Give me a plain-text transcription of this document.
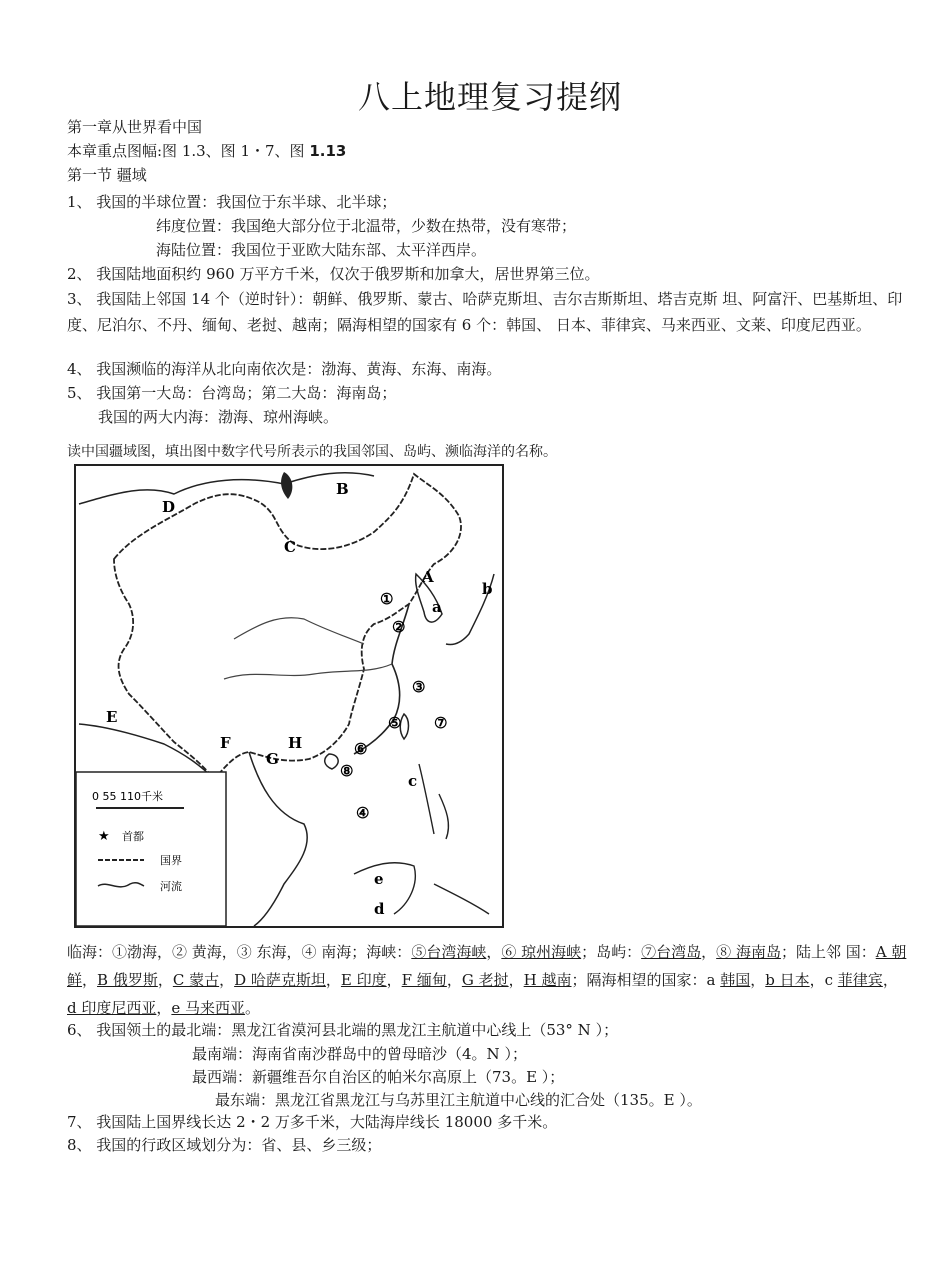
八上地理复习提纲
第一章从世界看中国
本章重点图幅:图 1.3、图 1・7、图 1.13
第一节 疆域
1、 我国的半球位置：我国位于东半球、北半球；
纬度位置：我国绝大部分位于北温带，少数在热带，没有寒带；
海陆位置：我国位于亚欧大陆东部、太平洋西岸。
2、 我国陆地面积约 960 万平方千米，仅次于俄罗斯和加拿大，居世界第三位。
3、 我国陆上邻国 14 个（逆时针）：朝鲜、俄罗斯、蒙古、哈萨克斯坦、吉尔吉斯斯坦、塔吉克斯 坦、阿富汗、巴基斯坦、印度、尼泊尔、不丹、缅甸、老挝、越南；隔海相望的国家有 6 个：韩国、 日本、菲律宾、马来西亚、文莱、印度尼西亚。
4、 我国濒临的海洋从北向南依次是：渤海、黄海、东海、南海。
5、 我国第一大岛：台湾岛；第二大岛：海南岛；
我国的两大内海：渤海、琼州海峡。
读中国疆域图，填出图中数字代号所表示的我国邻国、岛屿、濒临海洋的名称。
0 55 110千米
首都
国界
河流
★
A
B
C
D
E
F
G
H
a
b
c
d
e
①
②
③
④
⑤
⑥
⑦
⑧
临海：①渤海，② 黄海，③ 东海，④ 南海；海峡：⑤台湾海峡，⑥ 琼州海峡；岛屿：⑦台湾岛，⑧ 海南岛；陆上邻 国：A 朝鲜，B 俄罗斯，C 蒙古，D 哈萨克斯坦，E 印度，F 缅甸，G 老挝，H 越南；隔海相望的国家：a 韩国，b 日本，c 菲律宾，d 印度尼西亚，e 马来西亚。
6、 我国领土的最北端：黑龙江省漠河县北端的黑龙江主航道中心线上（53° N ）；
最南端：海南省南沙群岛中的曾母暗沙（4。N ）；
最西端：新疆维吾尔自治区的帕米尔高原上（73。E ）；
最东端：黑龙江省黑龙江与乌苏里江主航道中心线的汇合处（135。E ）。
7、 我国陆上国界线长达 2・2 万多千米，大陆海岸线长 18000 多千米。
8、 我国的行政区域划分为：省、县、乡三级；
